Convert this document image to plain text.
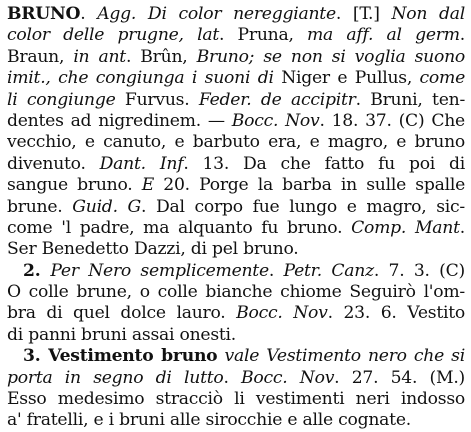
BRUNO. Agg. Di color nereggiante. [T.] Non dal
color delle prugne, lat. Pruna, ma aff. al germ.
Braun, in ant. Brûn, Bruno; se non si voglia suono
imit., che congiunga i suoni di Niger e Pullus, come
li congiunge Furvus. Feder. de accipitr. Bruni, ten-
dentes ad nigredinem. — Bocc. Nov. 18. 37. (C) Che
vecchio, e canuto, e barbuto era, e magro, e bruno
divenuto. Dant. Inf. 13. Da che fatto fu poi di
sangue bruno. E 20. Porge la barba in sulle spalle
brune. Guid. G. Dal corpo fue lungo e magro, sic-
come 'l padre, ma alquanto fu bruno. Comp. Mant.
Ser Benedetto Dazzi, di pel bruno.
2. Per Nero semplicemente. Petr. Canz. 7. 3. (C)
O colle brune, o colle bianche chiome Seguirò l'om-
bra di quel dolce lauro. Bocc. Nov. 23. 6. Vestito
di panni bruni assai onesti.
3. Vestimento bruno vale Vestimento nero che si
porta in segno di lutto. Bocc. Nov. 27. 54. (M.)
Esso medesimo stracciò li vestimenti neri indosso
a' fratelli, e i bruni alle sirocchie e alle cognate.
